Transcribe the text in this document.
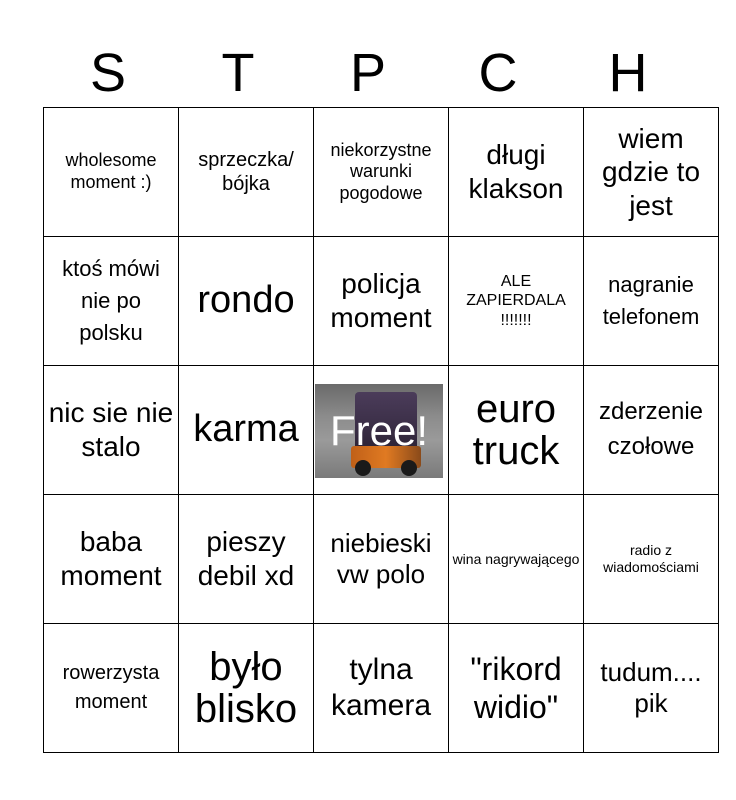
S	T	P	C	H
wholesome moment :)	sprzeczka/ bójka	niekorzystne warunki pogodowe	długi klakson	wiem gdzie to jest
ktoś mówi nie po polsku	rondo	policja moment	ALE ZAPIERDALA !!!!!!!	nagranie telefonem
nic sie nie stalo	karma	Free!	euro truck	zderzenie czołowe
baba moment	pieszy debil xd	niebieski vw polo	wina nagrywającego	radio z wiadomościami
rowerzysta moment	było blisko	tylna kamera	"rikord widio"	tudum.... pik
